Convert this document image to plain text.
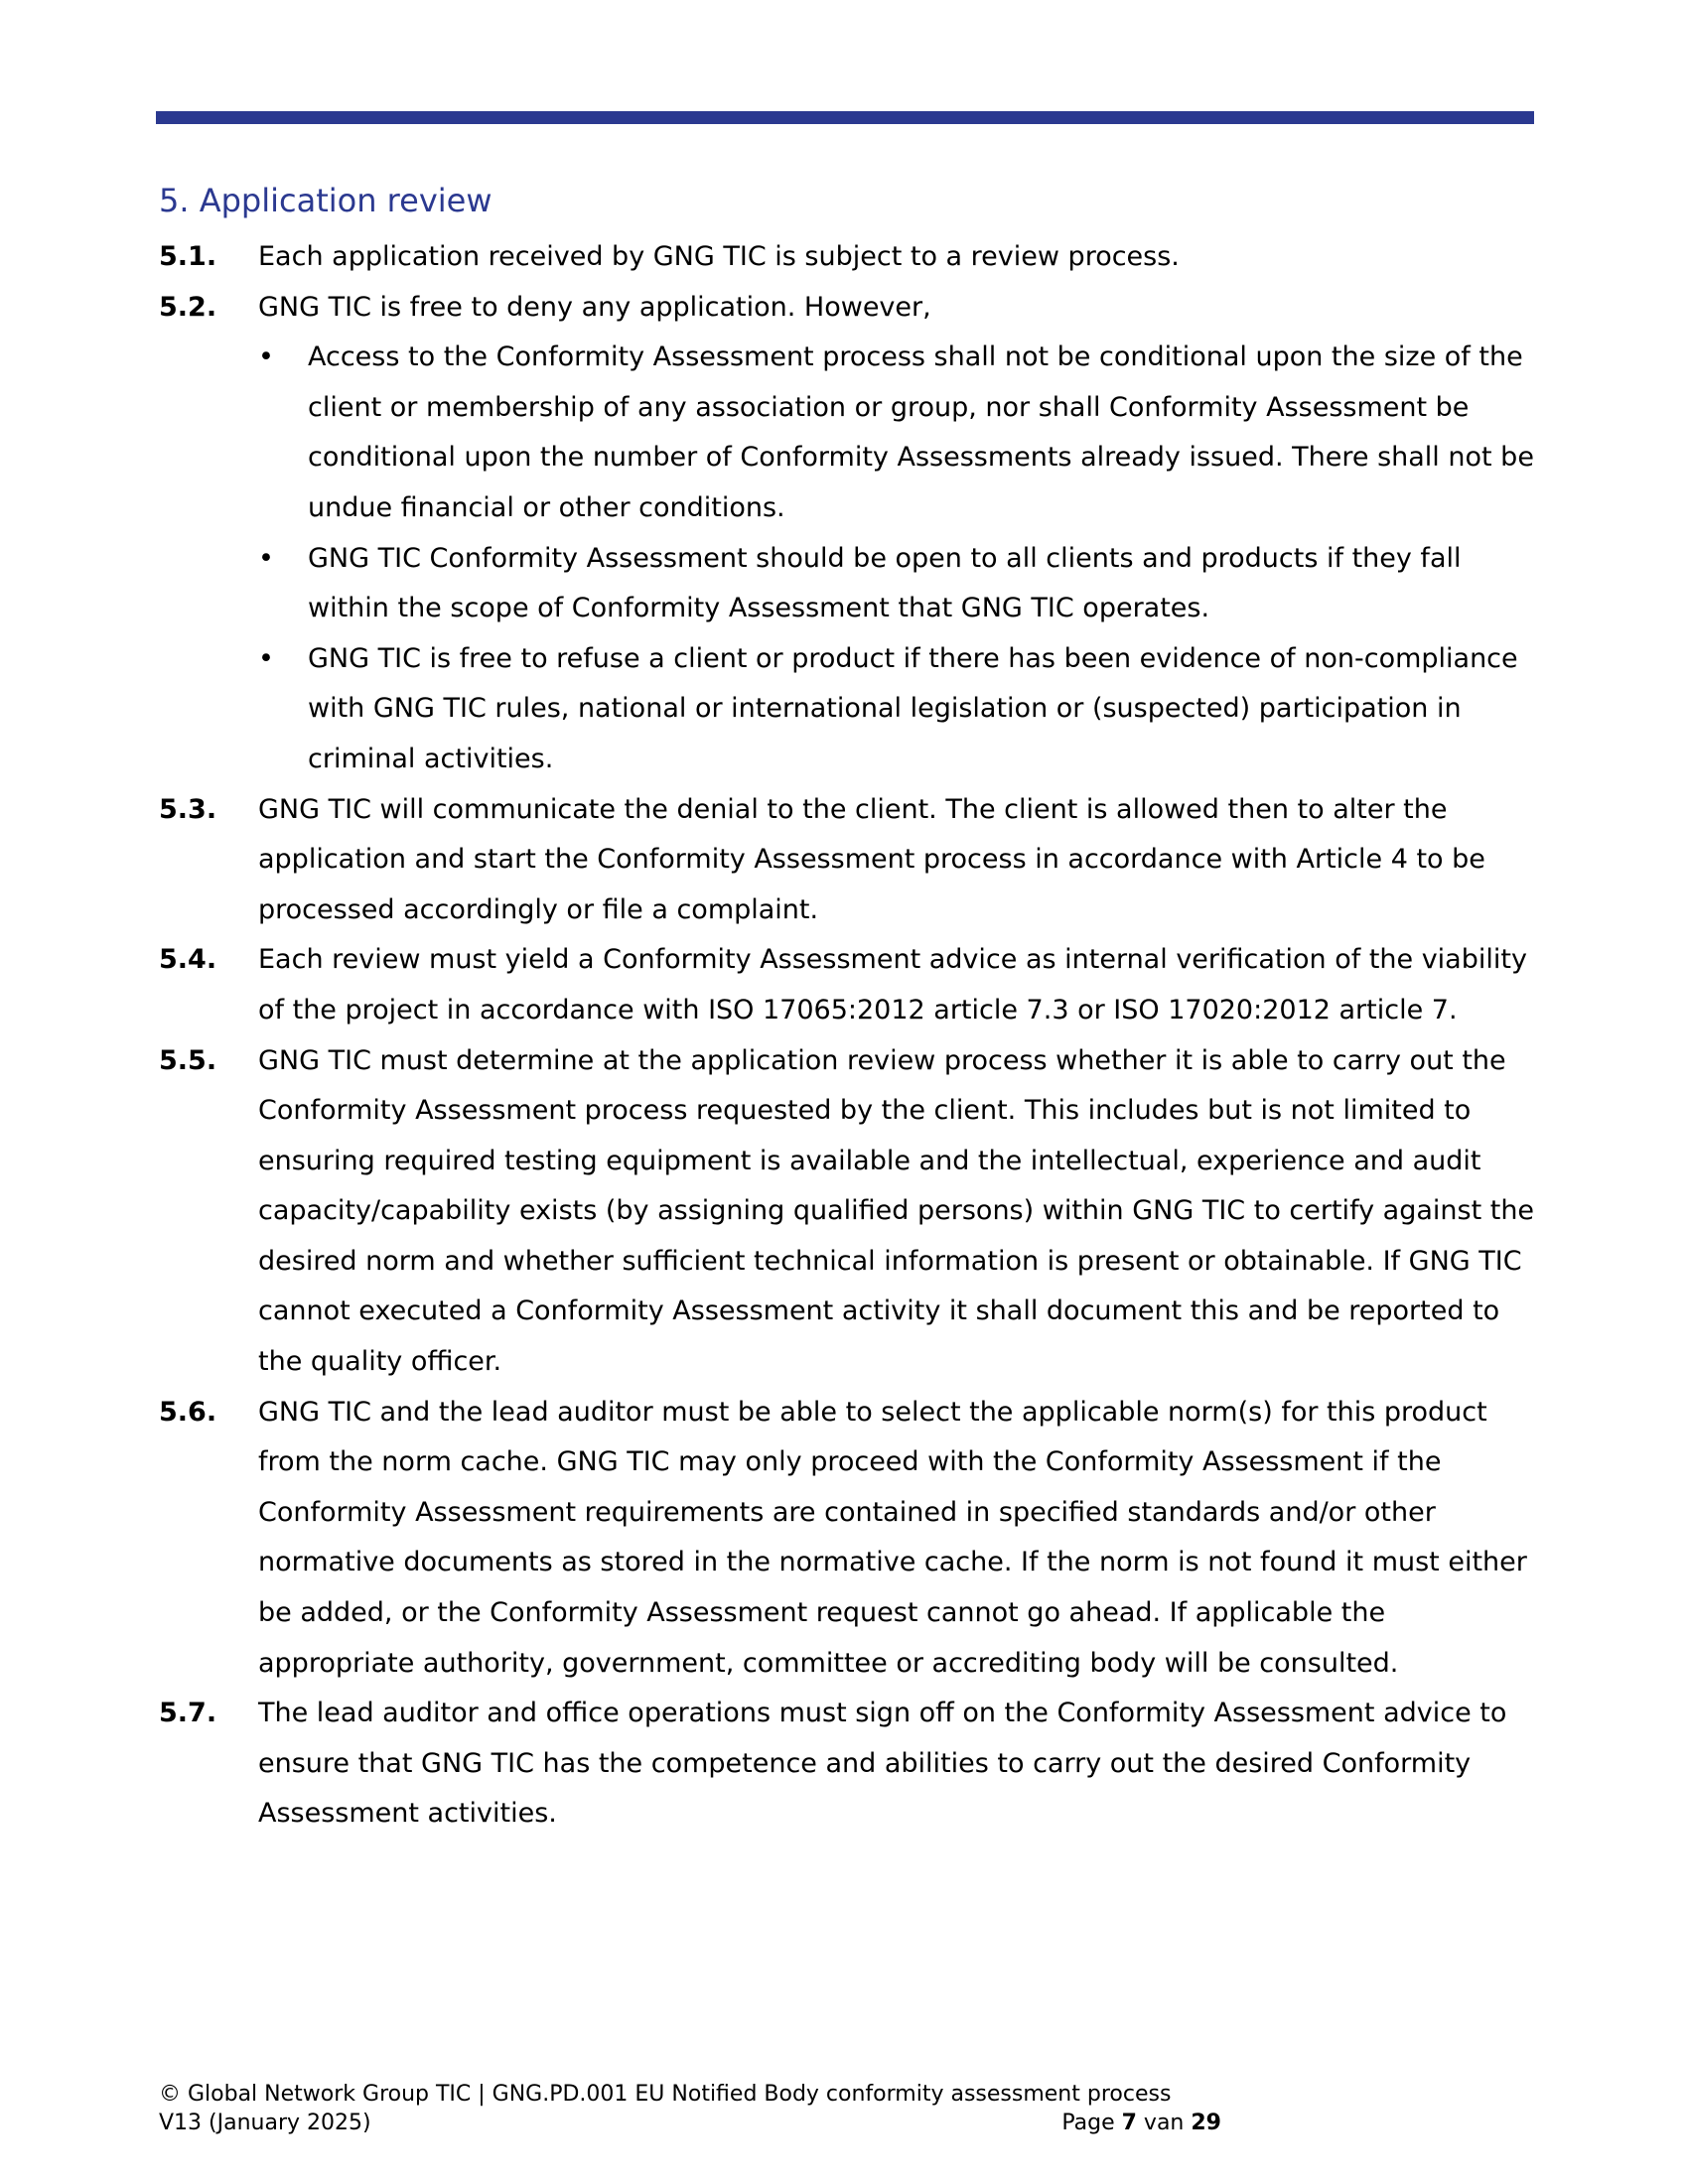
5. Application review
5.1.	Each application received by GNG TIC is subject to a review process.
5.2.	GNG TIC is free to deny any application. However,
• Access to the Conformity Assessment process shall not be conditional upon the size of the client or membership of any association or group, nor shall Conformity Assessment be conditional upon the number of Conformity Assessments already issued. There shall not be undue financial or other conditions.
• GNG TIC Conformity Assessment should be open to all clients and products if they fall within the scope of Conformity Assessment that GNG TIC operates.
• GNG TIC is free to refuse a client or product if there has been evidence of non-compliance with GNG TIC rules, national or international legislation or (suspected) participation in criminal activities.
5.3.	GNG TIC will communicate the denial to the client. The client is allowed then to alter the application and start the Conformity Assessment process in accordance with Article 4 to be processed accordingly or file a complaint.
5.4.	Each review must yield a Conformity Assessment advice as internal verification of the viability of the project in accordance with ISO 17065:2012 article 7.3 or ISO 17020:2012 article 7.
5.5.	GNG TIC must determine at the application review process whether it is able to carry out the Conformity Assessment process requested by the client. This includes but is not limited to ensuring required testing equipment is available and the intellectual, experience and audit capacity/capability exists (by assigning qualified persons) within GNG TIC to certify against the desired norm and whether sufficient technical information is present or obtainable. If GNG TIC cannot executed a Conformity Assessment activity it shall document this and be reported to the quality officer.
5.6.	GNG TIC and the lead auditor must be able to select the applicable norm(s) for this product from the norm cache. GNG TIC may only proceed with the Conformity Assessment if the Conformity Assessment requirements are contained in specified standards and/or other normative documents as stored in the normative cache. If the norm is not found it must either be added, or the Conformity Assessment request cannot go ahead. If applicable the appropriate authority, government, committee or accrediting body will be consulted.
5.7.	The lead auditor and office operations must sign off on the Conformity Assessment advice to ensure that GNG TIC has the competence and abilities to carry out the desired Conformity Assessment activities.
© Global Network Group TIC | GNG.PD.001 EU Notified Body conformity assessment process
V13 (January 2025)	Page 7 van 29
